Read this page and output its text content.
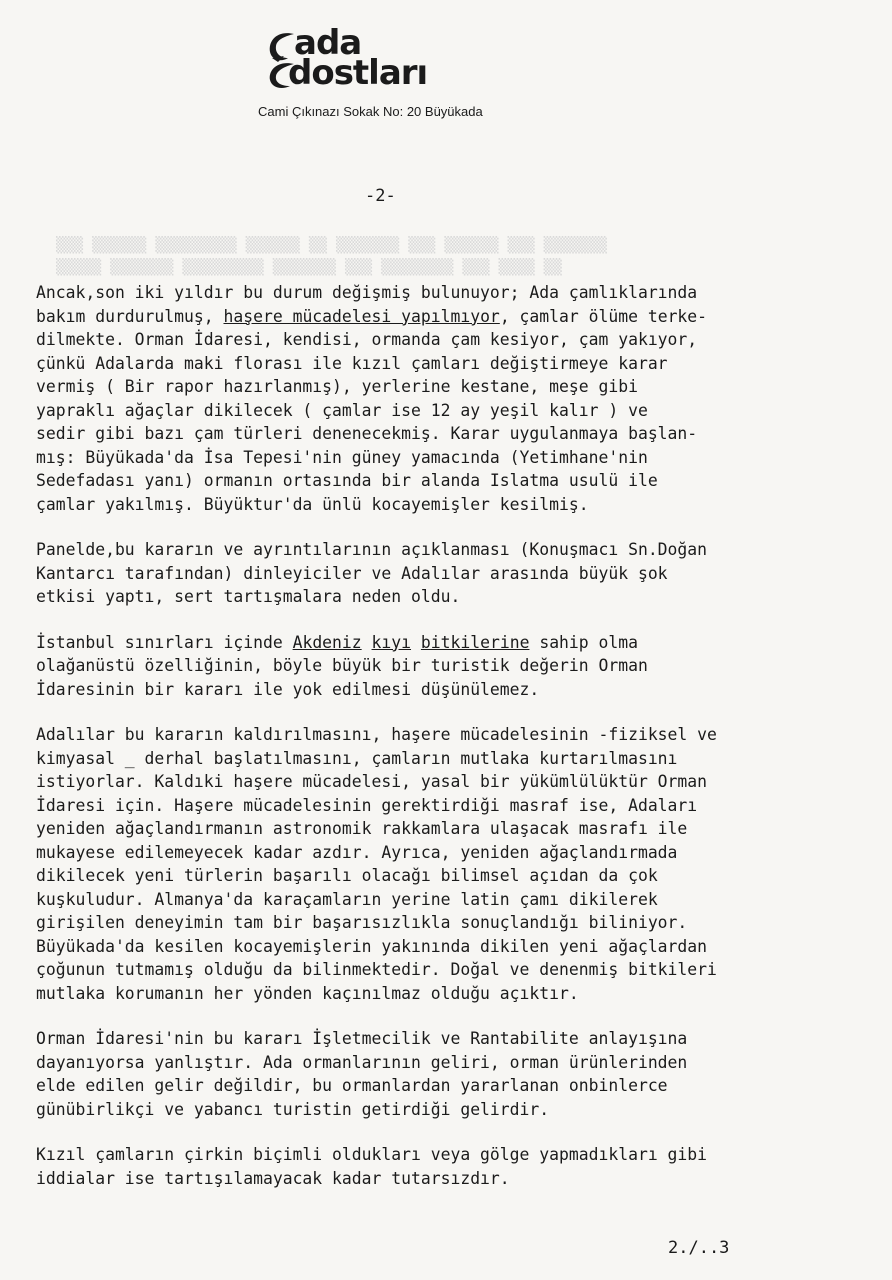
▒▒▒ ▒▒▒▒▒▒ ▒▒▒▒▒▒▒▒▒ ▒▒▒▒▒▒ ▒▒ ▒▒▒▒▒▒▒ ▒▒▒ ▒▒▒▒▒▒ ▒▒▒ ▒▒▒▒▒▒▒
▒▒▒▒▒ ▒▒▒▒▒▒▒ ▒▒▒▒▒▒▒▒▒ ▒▒▒▒▒▒▒ ▒▒▒ ▒▒▒▒▒▒▒▒ ▒▒▒ ▒▒▒▒ ▒▒
ada
dostları
Cami Çıkınazı Sokak No: 20 Büyükada
-2-
Ancak,son iki yıldır bu durum değişmiş bulunuyor; Ada çamlıklarında
bakım durdurulmuş, haşere mücadelesi yapılmıyor, çamlar ölüme terke-
dilmekte. Orman İdaresi, kendisi, ormanda çam kesiyor, çam yakıyor,
çünkü Adalarda maki florası ile kızıl çamları değiştirmeye karar
vermiş ( Bir rapor hazırlanmış), yerlerine kestane, meşe gibi
yapraklı ağaçlar dikilecek ( çamlar ise 12 ay yeşil kalır ) ve
sedir gibi bazı çam türleri denenecekmiş. Karar uygulanmaya başlan-
mış: Büyükada'da İsa Tepesi'nin güney yamacında (Yetimhane'nin
Sedefadası yanı) ormanın ortasında bir alanda Islatma usulü ile
çamlar yakılmış. Büyüktur'da ünlü kocayemişler kesilmiş.
Panelde,bu kararın ve ayrıntılarının açıklanması (Konuşmacı Sn.Doğan
Kantarcı tarafından) dinleyiciler ve Adalılar arasında büyük şok
etkisi yaptı, sert tartışmalara neden oldu.
İstanbul sınırları içinde Akdeniz kıyı bitkilerine sahip olma
olağanüstü özelliğinin, böyle büyük bir turistik değerin Orman
İdaresinin bir kararı ile yok edilmesi düşünülemez.
Adalılar bu kararın kaldırılmasını, haşere mücadelesinin -fiziksel ve
kimyasal _ derhal başlatılmasını, çamların mutlaka kurtarılmasını
istiyorlar. Kaldıki haşere mücadelesi, yasal bir yükümlülüktür Orman
İdaresi için. Haşere mücadelesinin gerektirdiği masraf ise, Adaları
yeniden ağaçlandırmanın astronomik rakkamlara ulaşacak masrafı ile
mukayese edilemeyecek kadar azdır. Ayrıca, yeniden ağaçlandırmada
dikilecek yeni türlerin başarılı olacağı bilimsel açıdan da çok
kuşkuludur. Almanya'da karaçamların yerine latin çamı dikilerek
girişilen deneyimin tam bir başarısızlıkla sonuçlandığı biliniyor.
Büyükada'da kesilen kocayemişlerin yakınında dikilen yeni ağaçlardan
çoğunun tutmamış olduğu da bilinmektedir. Doğal ve denenmiş bitkileri
mutlaka korumanın her yönden kaçınılmaz olduğu açıktır.
Orman İdaresi'nin bu kararı İşletmecilik ve Rantabilite anlayışına
dayanıyorsa yanlıştır. Ada ormanlarının geliri, orman ürünlerinden
elde edilen gelir değildir, bu ormanlardan yararlanan onbinlerce
günübirlikçi ve yabancı turistin getirdiği gelirdir.
Kızıl çamların çirkin biçimli oldukları veya gölge yapmadıkları gibi
iddialar ise tartışılamayacak kadar tutarsızdır.
2./..3
